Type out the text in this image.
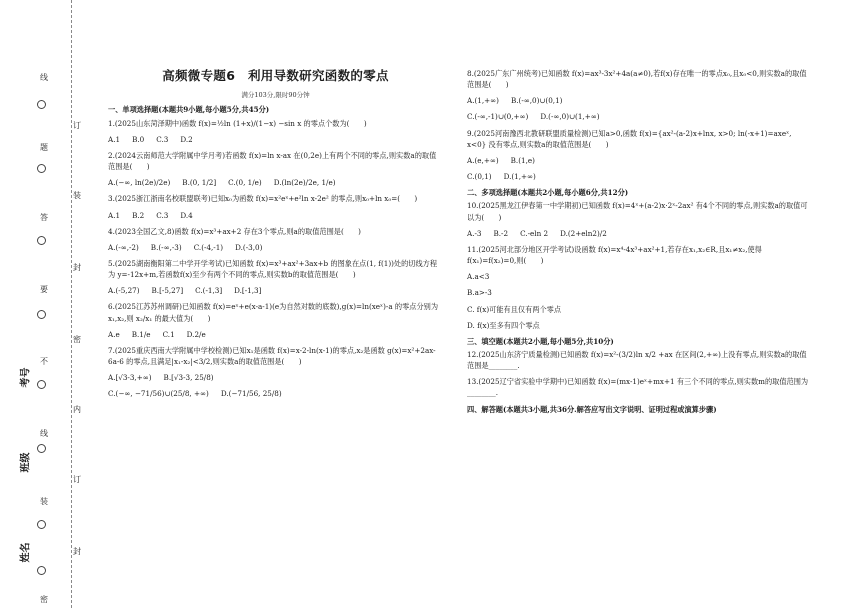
线
订
题
装
答
封
要
密
不
内
线
订
装
封
密
考号
班级
姓名
高频微专题6　利用导数研究函数的零点
满分103分,限时90分钟
一、单项选择题(本题共9小题,每小题5分,共45分)
1.(2025山东菏泽期中)函数 f(x)=½ln (1+x)/(1−x) −sin x 的零点个数为(　　)
A.1 B.0 C.3 D.2
2.(2024云南师范大学附属中学月考)若函数 f(x)=ln x-ax 在(0,2e)上有两个不同的零点,则实数a的取值范围是(　　)
A.(−∞, ln(2e)/2e) B.(0, 1/2] C.(0, 1/e) D.(ln(2e)/2e, 1/e)
3.(2025浙江浙南名校联盟联考)已知x₀为函数 f(x)=x²eˣ+e²ln x-2e² 的零点,则x₀+ln x₀=(　　)
A.1 B.2 C.3 D.4
4.(2023全国乙文,8)函数 f(x)=x³+ax+2 存在3个零点,则a的取值范围是(　　)
A.(-∞,-2) B.(-∞,-3) C.(-4,-1) D.(-3,0)
5.(2025湖南衡阳第二中学开学考试)已知函数 f(x)=x³+ax²+3ax+b 的图象在点(1, f(1))处的切线方程为 y=-12x+m,若函数f(x)至少有两个不同的零点,则实数b的取值范围是(　　)
A.(-5,27) B.[-5,27] C.(-1,3] D.[-1,3]
6.(2025江苏苏州调研)已知函数 f(x)=eˣ+e(x-a-1)(e为自然对数的底数),g(x)=ln(xeˣ)-a 的零点分别为x₁,x₂,则 x₂/x₁ 的最大值为(　　)
A.e B.1/e C.1 D.2/e
7.(2025重庆西南大学附属中学校检测)已知x₁是函数 f(x)=x-2-ln(x-1)的零点,x₂是函数 g(x)=x²+2ax-6a-6 的零点,且满足|x₁-x₂|<3/2,则实数a的取值范围是(　　)
A.[√3-3,+∞) B.[√3-3, 25/8)
C.(−∞, −71/56)∪(25/8, +∞) D.(−71/56, 25/8)
8.(2025广东广州统考)已知函数 f(x)=ax³-3x²+4a(a≠0),若f(x)存在唯一的零点x₀,且x₀<0,则实数a的取值范围是(　　)
A.(1,+∞) B.(-∞,0)∪(0,1)
C.(-∞,-1)∪(0,+∞) D.(-∞,0)∪(1,+∞)
9.(2025河南豫西北教研联盟质量检测)已知a>0,函数 f(x)={ax²-(a-2)x+lnx, x>0; ln(-x+1)=axeˣ, x<0} 没有零点,则实数a的取值范围是(　　)
A.(e,+∞) B.(1,e)
C.(0,1) D.(1,+∞)
二、多项选择题(本题共2小题,每小题6分,共12分)
10.(2025黑龙江伊春第一中学期初)已知函数 f(x)=4ˣ+(a-2)x·2ˣ-2ax² 有4个不同的零点,则实数a的取值可以为(　　)
A.-3 B.-2 C.-eln 2 D.(2+eln2)/2
11.(2025河北部分地区开学考试)设函数 f(x)=x⁴-4x³+ax²+1,若存在x₁,x₂∈R,且x₁≠x₂,使得 f(x₁)=f(x₂)=0,则(　　)
A.a<3
B.a>-3
C. f(x)可能有且仅有两个零点
D. f(x)至多有四个零点
三、填空题(本题共2小题,每小题5分,共10分)
12.(2025山东济宁质量检测)已知函数 f(x)=x²-(3/2)ln x/2 +ax 在区间(2,+∞)上没有零点,则实数a的取值范围是________.
13.(2025辽宁省实验中学期中)已知函数 f(x)=(mx-1)eˣ+mx+1 有三个不同的零点,则实数m的取值范围为________.
四、解答题(本题共3小题,共36分.解答应写出文字说明、证明过程或演算步骤)
